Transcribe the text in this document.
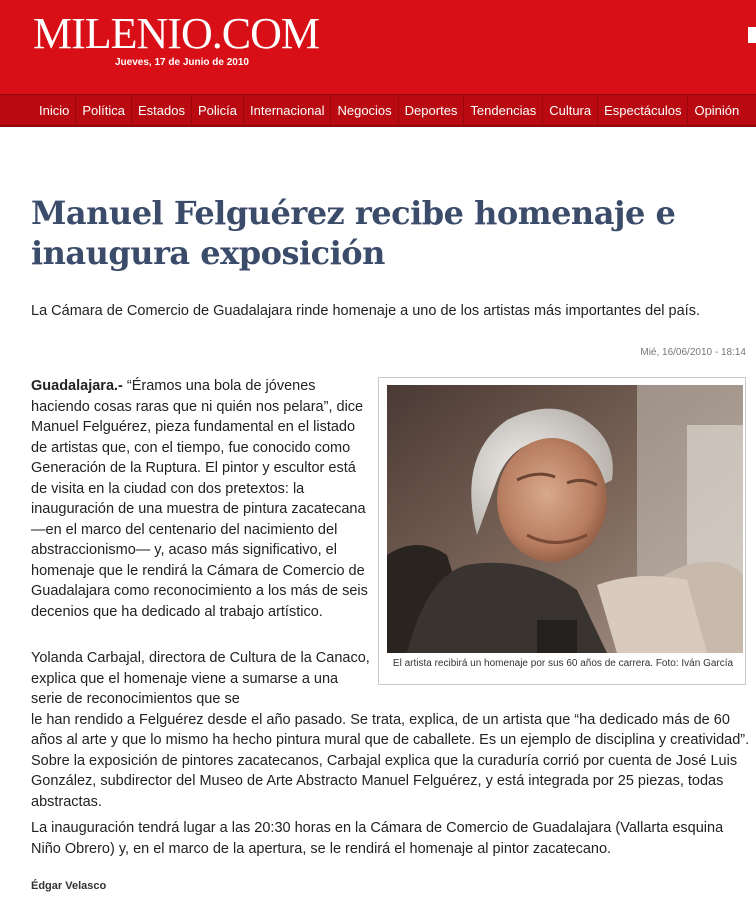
MILENIO.COM
Jueves, 17 de Junio de 2010
Inicio	Política	Estados	Policía	Internacional	Negocios	Deportes	Tendencias	Cultura	Espectáculos	Opinión
Manuel Felguérez recibe homenaje e inaugura exposición

La Cámara de Comercio de Guadalajara rinde homenaje a uno de los artistas más importantes del país.

Mié, 16/06/2010 - 18:14

Guadalajara.- “Éramos una bola de jóvenes haciendo cosas raras que ni quién nos pelara”, dice Manuel Felguérez, pieza fundamental en el listado de artistas que, con el tiempo, fue conocido como Generación de la Ruptura. El pintor y escultor está de visita en la ciudad con dos pretextos: la inauguración de una muestra de pintura zacatecana —en el marco del centenario del nacimiento del abstraccionismo— y, acaso más significativo, el homenaje que le rendirá la Cámara de Comercio de Guadalajara como reconocimiento a los más de seis decenios que ha dedicado al trabajo artístico.

El artista recibirá un homenaje por sus 60 años de carrera. Foto: Iván García

Yolanda Carbajal, directora de Cultura de la Canaco, explica que el homenaje viene a sumarse a una serie de reconocimientos que se
le han rendido a Felguérez desde el año pasado. Se trata, explica, de un artista que “ha dedicado más de 60 años al arte y que lo mismo ha hecho pintura mural que de caballete. Es un ejemplo de disciplina y creatividad”. Sobre la exposición de pintores zacatecanos, Carbajal explica que la curaduría corrió por cuenta de José Luis González, subdirector del Museo de Arte Abstracto Manuel Felguérez, y está integrada por 25 piezas, todas abstractas.

La inauguración tendrá lugar a las 20:30 horas en la Cámara de Comercio de Guadalajara (Vallarta esquina Niño Obrero) y, en el marco de la apertura, se le rendirá el homenaje al pintor zacatecano.

Édgar Velasco
